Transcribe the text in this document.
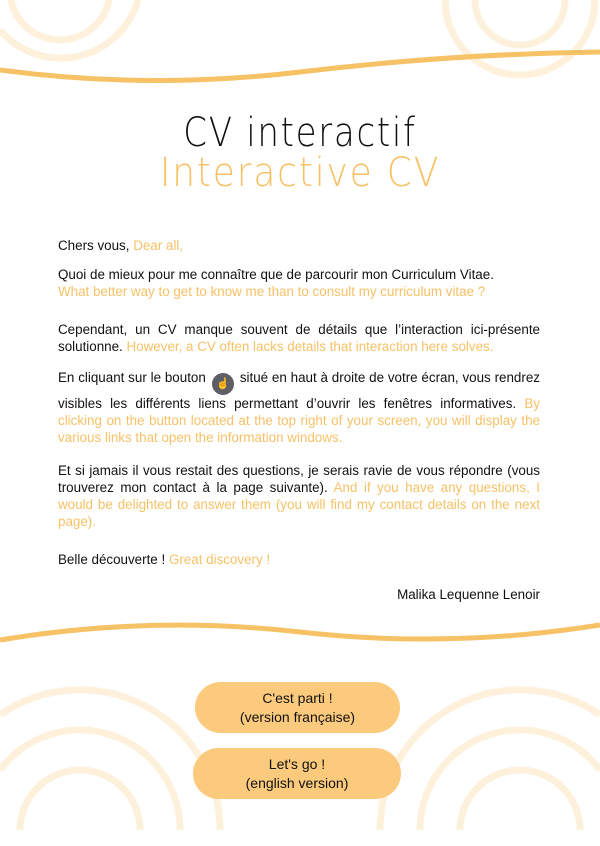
CV interactif
Interactive CV
Chers vous, Dear all,
Quoi de mieux pour me connaître que de parcourir mon Curriculum Vitae.
What better way to get to know me than to consult my curriculum vitae ?
Cependant, un CV manque souvent de détails que l’interaction ici-présente solutionne. However, a CV often lacks details that interaction here solves.
En cliquant sur le bouton ☝ situé en haut à droite de votre écran, vous rendrez visibles les différents liens permettant d’ouvrir les fenêtres informatives. By clicking on the button located at the top right of your screen, you will display the various links that open the information windows.
Et si jamais il vous restait des questions, je serais ravie de vous répondre (vous trouverez mon contact à la page suivante). And if you have any questions, I would be delighted to answer them (you will find my contact details on the next page).
Belle découverte ! Great discovery !
Malika Lequenne Lenoir
C'est parti !
(version française)
Let's go !
(english version)
